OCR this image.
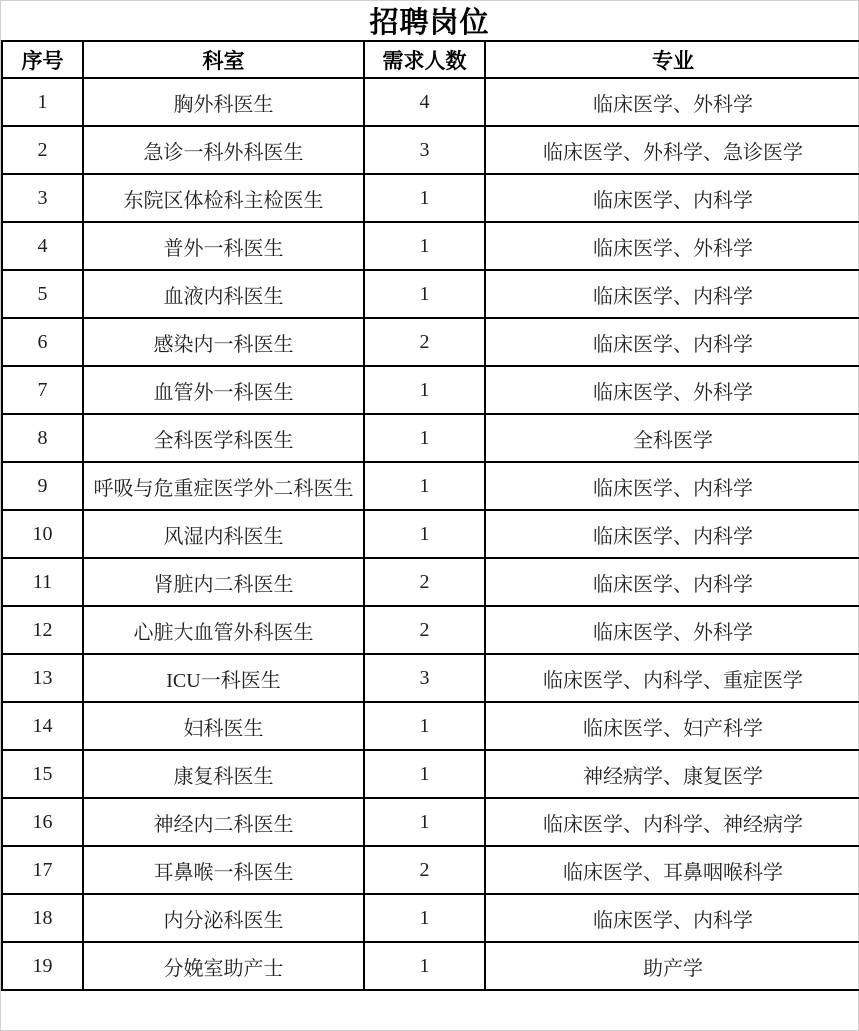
招聘岗位
序号	科室	需求人数	专业
1	胸外科医生	4	临床医学、外科学
2	急诊一科外科医生	3	临床医学、外科学、急诊医学
3	东院区体检科主检医生	1	临床医学、内科学
4	普外一科医生	1	临床医学、外科学
5	血液内科医生	1	临床医学、内科学
6	感染内一科医生	2	临床医学、内科学
7	血管外一科医生	1	临床医学、外科学
8	全科医学科医生	1	全科医学
9	呼吸与危重症医学外二科医生	1	临床医学、内科学
10	风湿内科医生	1	临床医学、内科学
11	肾脏内二科医生	2	临床医学、内科学
12	心脏大血管外科医生	2	临床医学、外科学
13	ICU一科医生	3	临床医学、内科学、重症医学
14	妇科医生	1	临床医学、妇产科学
15	康复科医生	1	神经病学、康复医学
16	神经内二科医生	1	临床医学、内科学、神经病学
17	耳鼻喉一科医生	2	临床医学、耳鼻咽喉科学
18	内分泌科医生	1	临床医学、内科学
19	分娩室助产士	1	助产学
